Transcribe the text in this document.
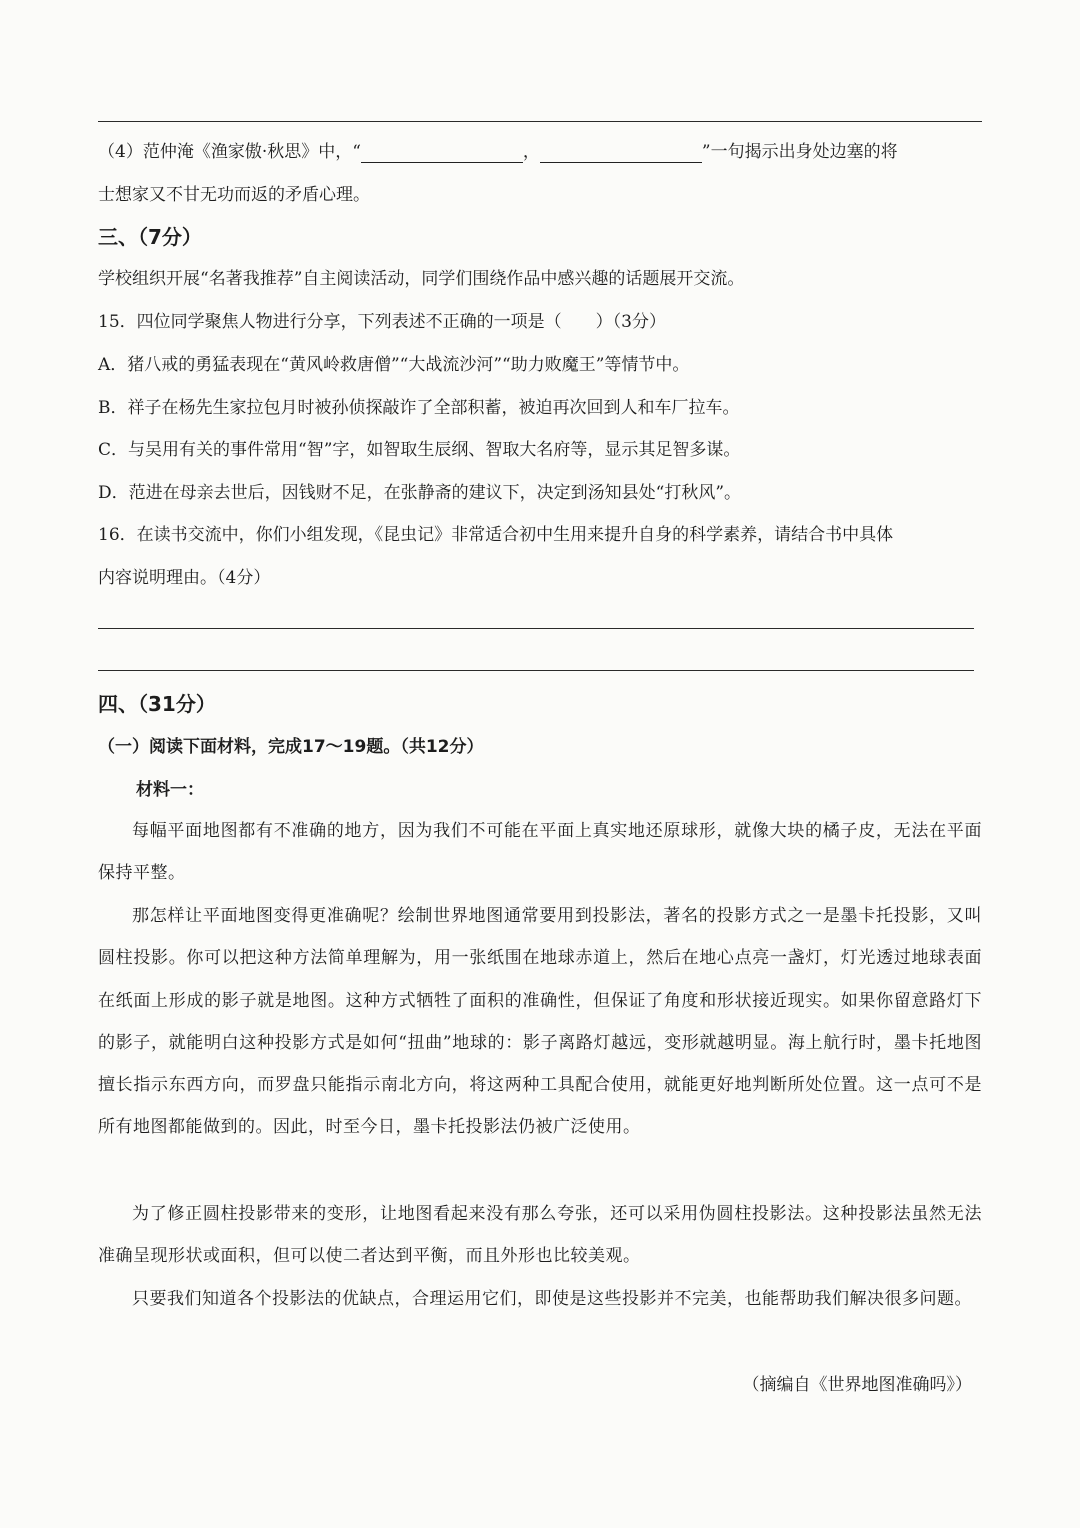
（4）范仲淹《渔家傲·秋思》中，“	，	”一句揭示出身处边塞的将
士想家又不甘无功而返的矛盾心理。
三、（7分）
学校组织开展“名著我推荐”自主阅读活动，同学们围绕作品中感兴趣的话题展开交流。
15．四位同学聚焦人物进行分享，下列表述不正确的一项是（　　）（3分）
A．猪八戒的勇猛表现在“黄风岭救唐僧”“大战流沙河”“助力败魔王”等情节中。
B．祥子在杨先生家拉包月时被孙侦探敲诈了全部积蓄，被迫再次回到人和车厂拉车。
C．与吴用有关的事件常用“智”字，如智取生辰纲、智取大名府等，显示其足智多谋。
D．范进在母亲去世后，因钱财不足，在张静斋的建议下，决定到汤知县处“打秋风”。
16．在读书交流中，你们小组发现，《昆虫记》非常适合初中生用来提升自身的科学素养，请结合书中具体
内容说明理由。（4分）
四、（31分）
（一）阅读下面材料，完成17～19题。（共12分）
材料一：
每幅平面地图都有不准确的地方，因为我们不可能在平面上真实地还原球形，就像大块的橘子皮，无法在平面保持平整。
那怎样让平面地图变得更准确呢？绘制世界地图通常要用到投影法，著名的投影方式之一是墨卡托投影，又叫圆柱投影。你可以把这种方法简单理解为，用一张纸围在地球赤道上，然后在地心点亮一盏灯，灯光透过地球表面在纸面上形成的影子就是地图。这种方式牺牲了面积的准确性，但保证了角度和形状接近现实。如果你留意路灯下的影子，就能明白这种投影方式是如何“扭曲”地球的：影子离路灯越远，变形就越明显。海上航行时，墨卡托地图擅长指示东西方向，而罗盘只能指示南北方向，将这两种工具配合使用，就能更好地判断所处位置。这一点可不是所有地图都能做到的。因此，时至今日，墨卡托投影法仍被广泛使用。
为了修正圆柱投影带来的变形，让地图看起来没有那么夸张，还可以采用伪圆柱投影法。这种投影法虽然无法准确呈现形状或面积，但可以使二者达到平衡，而且外形也比较美观。
只要我们知道各个投影法的优缺点，合理运用它们，即使是这些投影并不完美，也能帮助我们解决很多问题。
（摘编自《世界地图准确吗》）
